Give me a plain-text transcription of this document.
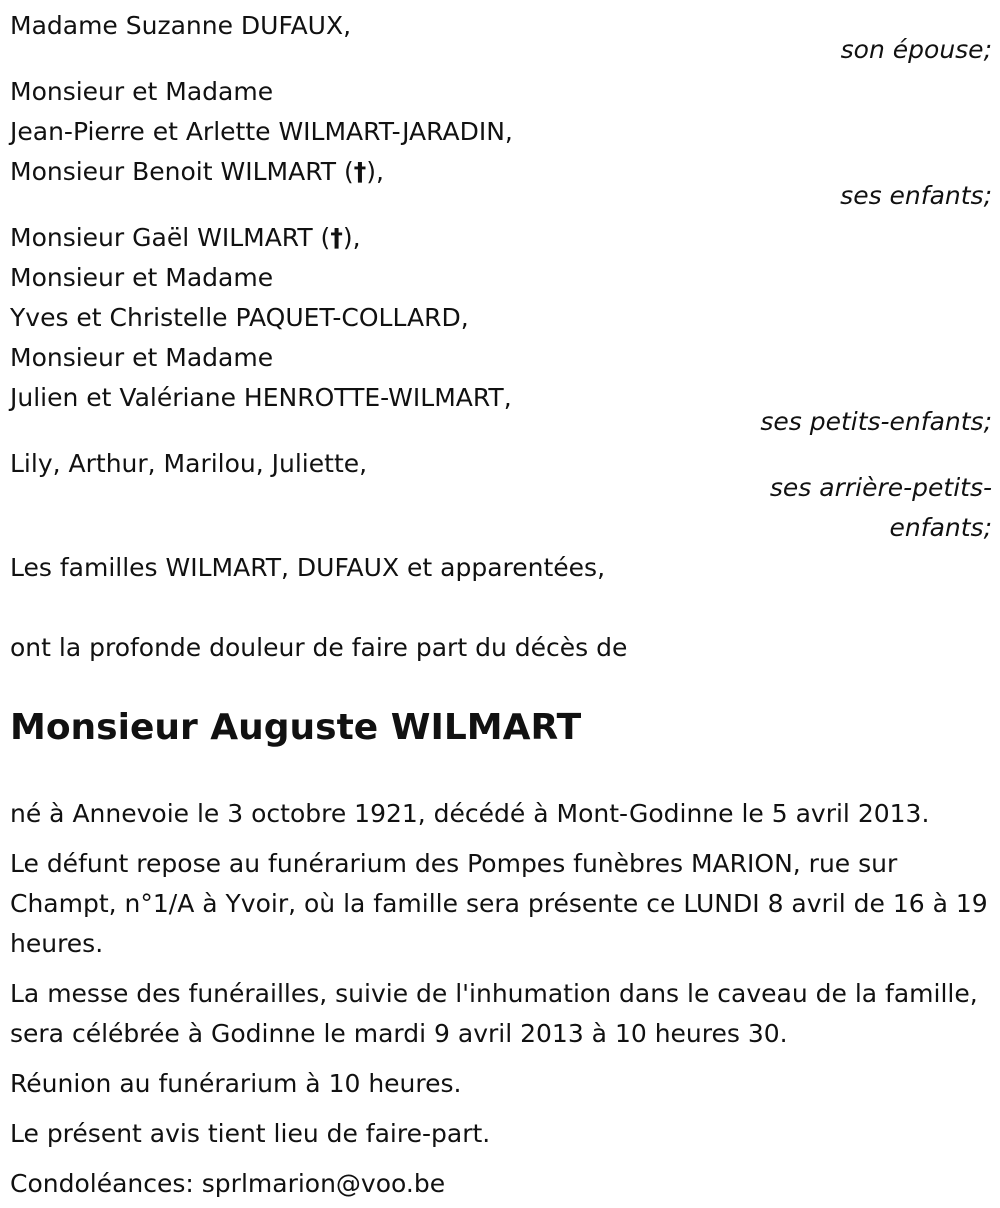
Madame Suzanne DUFAUX,
son épouse;
Monsieur et Madame
Jean-Pierre et Arlette WILMART-JARADIN,
Monsieur Benoit WILMART (†),
ses enfants;
Monsieur Gaël WILMART (†),
Monsieur et Madame
Yves et Christelle PAQUET-COLLARD,
Monsieur et Madame
Julien et Valériane HENROTTE-WILMART,
ses petits-enfants;
Lily, Arthur, Marilou, Juliette,
ses arrière-petits-enfants;
Les familles WILMART, DUFAUX et apparentées,
ont la profonde douleur de faire part du décès de
Monsieur Auguste WILMART
né à Annevoie le 3 octobre 1921, décédé à Mont-Godinne le 5 avril 2013.
Le défunt repose au funérarium des Pompes funèbres MARION, rue sur Champt, n°1/A à Yvoir, où la famille sera présente ce LUNDI 8 avril de 16 à 19 heures.
La messe des funérailles, suivie de l'inhumation dans le caveau de la famille, sera célébrée à Godinne le mardi 9 avril 2013 à 10 heures 30.
Réunion au funérarium à 10 heures.
Le présent avis tient lieu de faire-part.
Condoléances: sprlmarion@voo.be
